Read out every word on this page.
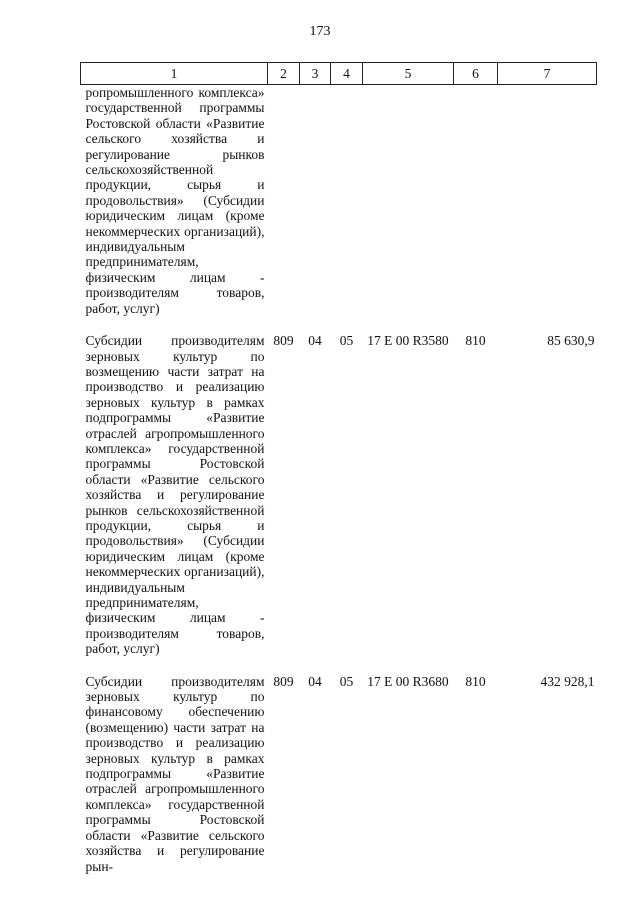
173
1	2	3	4	5	6	7
ропромышленного комплекса» государственной программы Ростовской области «Развитие сельского хозяйства и регулирование рынков сельскохозяйственной продукции, сырья и продовольствия» (Субсидии юридическим лицам (кроме некоммерческих организаций), индивидуальным предпринимателям, физическим лицам - производителям товаров, работ, услуг)						
Субсидии производителям зерновых культур по возмещению части затрат на производство и реализацию зерновых культур в рамках подпрограммы «Развитие отраслей агропромышленного комплекса» государственной программы Ростовской области «Развитие сельского хозяйства и регулирование рынков сельскохозяйственной продукции, сырья и продовольствия» (Субсидии юридическим лицам (кроме некоммерческих организаций), индивидуальным предпринимателям, физическим лицам - производителям товаров, работ, услуг)	809	04	05	17 Е 00 R3580	810	85 630,9
Субсидии производителям зерновых культур по финансовому обеспечению (возмещению) части затрат на производство и реализацию зерновых культур в рамках подпрограммы «Развитие отраслей агропромышленного комплекса» государственной программы Ростовской области «Развитие сельского хозяйства и регулирование рын-	809	04	05	17 Е 00 R3680	810	432 928,1
